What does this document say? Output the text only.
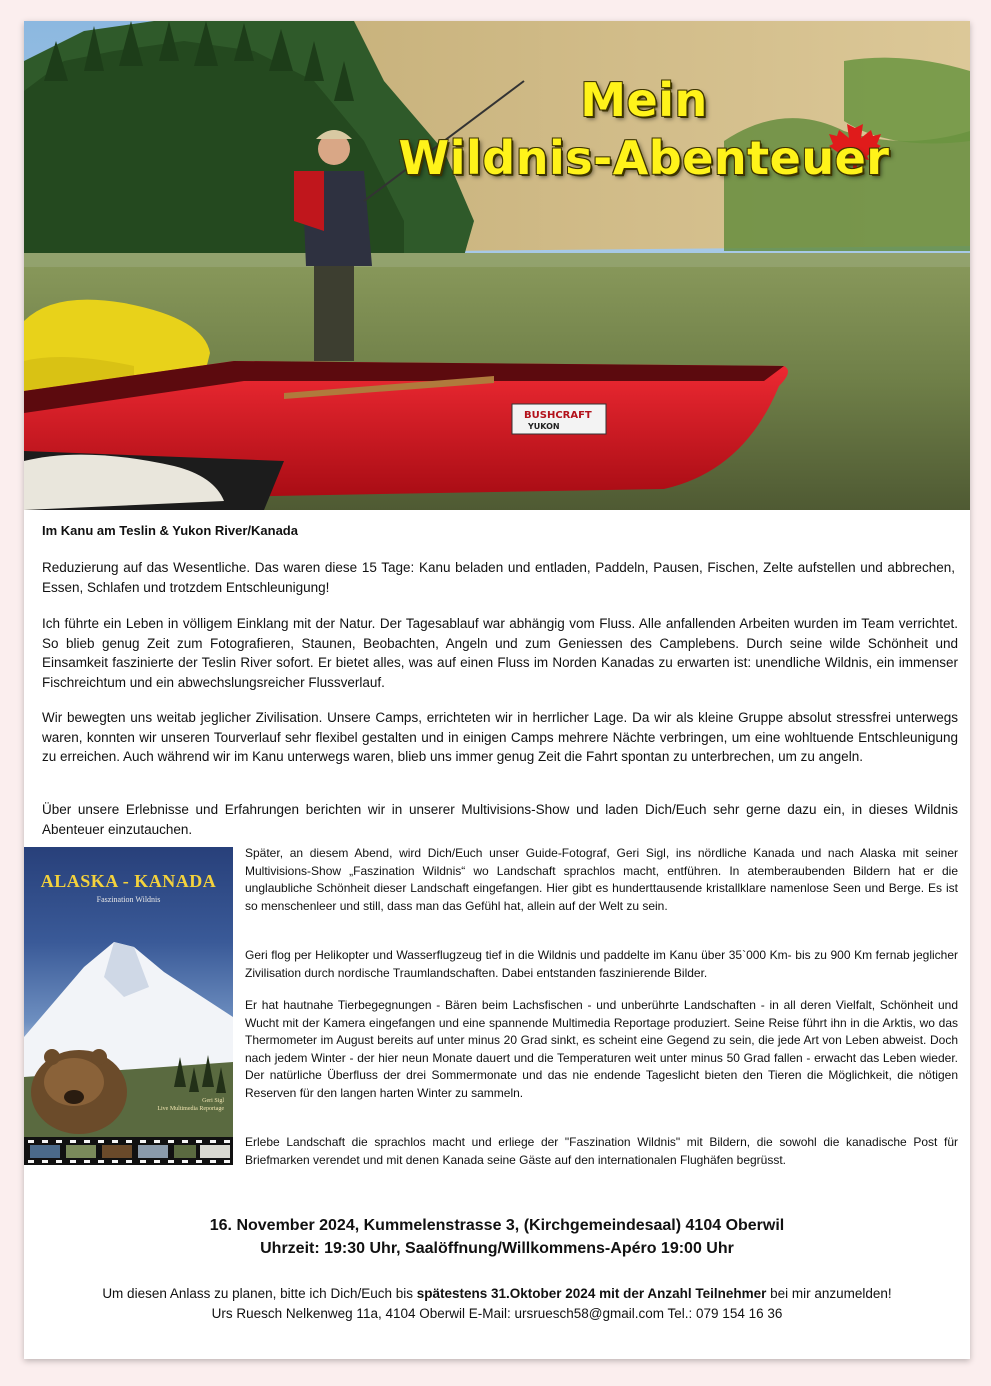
BUSHCRAFT
YUKON
Mein
Wildnis-Abenteuer
Im Kanu am Teslin & Yukon River/Kanada
Reduzierung auf das Wesentliche. Das waren diese 15 Tage: Kanu beladen und entladen, Paddeln, Pausen, Fischen, Zelte aufstellen und abbrechen, Essen, Schlafen und trotzdem Entschleunigung!
Ich führte ein Leben in völligem Einklang mit der Natur. Der Tagesablauf war abhängig vom Fluss. Alle anfallenden Arbeiten wurden im Team verrichtet. So blieb genug Zeit zum Fotografieren, Staunen, Beobachten, Angeln und zum Geniessen des Camplebens. Durch seine wilde Schönheit und Einsamkeit faszinierte der Teslin River sofort. Er bietet alles, was auf einen Fluss im Norden Kanadas zu erwarten ist: unendliche Wildnis, ein immenser Fischreichtum und ein abwechslungsreicher Flussverlauf.
Wir bewegten uns weitab jeglicher Zivilisation. Unsere Camps, errichteten wir in herrlicher Lage. Da wir als kleine Gruppe absolut stressfrei unterwegs waren, konnten wir unseren Tourverlauf sehr flexibel gestalten und in einigen Camps mehrere Nächte verbringen, um eine wohltuende Entschleunigung zu erreichen. Auch während wir im Kanu unterwegs waren, blieb uns immer genug Zeit die Fahrt spontan zu unterbrechen, um zu angeln.
Über unsere Erlebnisse und Erfahrungen berichten wir in unserer Multivisions-Show und laden Dich/Euch sehr gerne dazu ein, in dieses Wildnis Abenteuer einzutauchen.
ALASKA - KANADA
Faszination Wildnis
Geri Sigl
Live Multimedia Reportage
Später, an diesem Abend, wird Dich/Euch unser Guide-Fotograf, Geri Sigl, ins nördliche Kanada und nach Alaska mit seiner Multivisions-Show „Faszination Wildnis“ wo Landschaft sprachlos macht, entführen. In atemberaubenden Bildern hat er die unglaubliche Schönheit dieser Landschaft eingefangen. Hier gibt es hunderttausende kristallklare namenlose Seen und Berge. Es ist so menschenleer und still, dass man das Gefühl hat, allein auf der Welt zu sein.
Geri flog per Helikopter und Wasserflugzeug tief in die Wildnis und paddelte im Kanu über 35`000 Km- bis zu 900 Km fernab jeglicher Zivilisation durch nordische Traumlandschaften. Dabei entstanden faszinierende Bilder.
Er hat hautnahe Tierbegegnungen - Bären beim Lachsfischen - und unberührte Landschaften - in all deren Vielfalt, Schönheit und Wucht mit der Kamera eingefangen und eine spannende Multimedia Reportage produziert. Seine Reise führt ihn in die Arktis, wo das Thermometer im August bereits auf unter minus 20 Grad sinkt, es scheint eine Gegend zu sein, die jede Art von Leben abweist. Doch nach jedem Winter - der hier neun Monate dauert und die Temperaturen weit unter minus 50 Grad fallen - erwacht das Leben wieder. Der natürliche Überfluss der drei Sommermonate und das nie endende Tageslicht bieten den Tieren die Möglichkeit, die nötigen Reserven für den langen harten Winter zu sammeln.
Erlebe Landschaft die sprachlos macht und erliege der "Faszination Wildnis" mit Bildern, die sowohl die kanadische Post für Briefmarken verendet und mit denen Kanada seine Gäste auf den internationalen Flughäfen begrüsst.
16. November 2024, Kummelenstrasse 3, (Kirchgemeindesaal) 4104 Oberwil
Uhrzeit: 19:30 Uhr, Saalöffnung/Willkommens-Apéro 19:00 Uhr
Um diesen Anlass zu planen, bitte ich Dich/Euch bis spätestens 31.Oktober 2024 mit der Anzahl Teilnehmer bei mir anzumelden!
Urs Ruesch Nelkenweg 11a, 4104 Oberwil E-Mail: ursruesch58@gmail.com Tel.: 079 154 16 36
